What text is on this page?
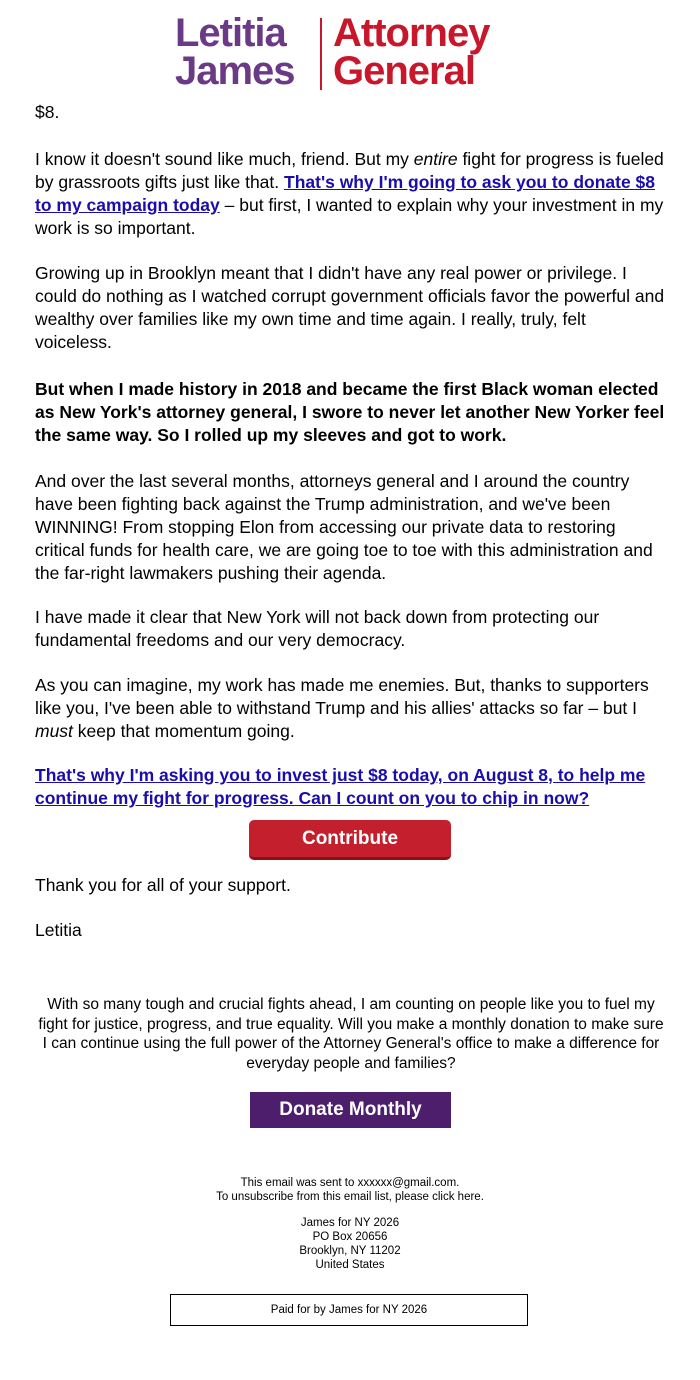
Letitia
James
Attorney
General
$8.
I know it doesn't sound like much, friend. But my entire fight for progress is fueled by grassroots gifts just like that. That's why I'm going to ask you to donate $8 to my campaign today – but first, I wanted to explain why your investment in my work is so important.
Growing up in Brooklyn meant that I didn't have any real power or privilege. I could do nothing as I watched corrupt government officials favor the powerful and wealthy over families like my own time and time again. I really, truly, felt voiceless.
But when I made history in 2018 and became the first Black woman elected as New York's attorney general, I swore to never let another New Yorker feel the same way. So I rolled up my sleeves and got to work.
And over the last several months, attorneys general and I around the country have been fighting back against the Trump administration, and we've been WINNING! From stopping Elon from accessing our private data to restoring critical funds for health care, we are going toe to toe with this administration and the far-right lawmakers pushing their agenda.
I have made it clear that New York will not back down from protecting our fundamental freedoms and our very democracy.
As you can imagine, my work has made me enemies. But, thanks to supporters like you, I've been able to withstand Trump and his allies' attacks so far – but I must keep that momentum going.
That's why I'm asking you to invest just $8 today, on August 8, to help me continue my fight for progress. Can I count on you to chip in now?
Contribute
Thank you for all of your support.
Letitia
With so many tough and crucial fights ahead, I am counting on people like you to fuel my fight for justice, progress, and true equality. Will you make a monthly donation to make sure I can continue using the full power of the Attorney General's office to make a difference for everyday people and families?
Donate Monthly
This email was sent to xxxxxx@gmail.com.
To unsubscribe from this email list, please click here.
James for NY 2026
PO Box 20656
Brooklyn, NY 11202
United States
Paid for by James for NY 2026
